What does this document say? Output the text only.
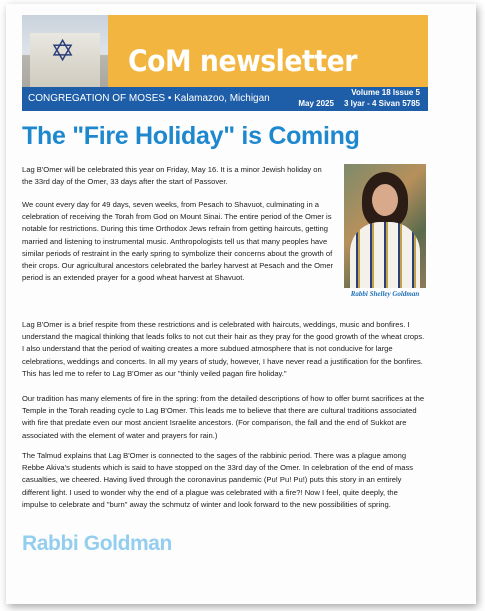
✡ CoM newsletter
CONGREGATION OF MOSES • Kalamazoo, Michigan
Volume 18 Issue 5
May 2025 3 Iyar - 4 Sivan 5785
The "Fire Holiday" is Coming

Lag B'Omer will be celebrated this year on Friday, May 16. It is a minor Jewish holiday on the 33rd day of the Omer, 33 days after the start of Passover.

We count every day for 49 days, seven weeks, from Pesach to Shavuot, culminating in a celebration of receiving the Torah from God on Mount Sinai. The entire period of the Omer is notable for restrictions. During this time Orthodox Jews refrain from getting haircuts, getting married and listening to instrumental music. Anthropologists tell us that many peoples have similar periods of restraint in the early spring to symbolize their concerns about the growth of their crops. Our agricultural ancestors celebrated the barley harvest at Pesach and the Omer period is an extended prayer for a good wheat harvest at Shavuot.

Lag B'Omer is a brief respite from these restrictions and is celebrated with haircuts, weddings, music and bonfires. I understand the magical thinking that leads folks to not cut their hair as they pray for the good growth of the wheat crops. I also understand that the period of waiting creates a more subdued atmosphere that is not conducive for large celebrations, weddings and concerts. In all my years of study, however, I have never read a justification for the bonfires. This has led me to refer to Lag B'Omer as our "thinly veiled pagan fire holiday."

Our tradition has many elements of fire in the spring: from the detailed descriptions of how to offer burnt sacrifices at the Temple in the Torah reading cycle to Lag B'Omer. This leads me to believe that there are cultural traditions associated with fire that predate even our most ancient Israelite ancestors. (For comparison, the fall and the end of Sukkot are associated with the element of water and prayers for rain.)

The Talmud explains that Lag B'Omer is connected to the sages of the rabbinic period. There was a plague among Rebbe Akiva's students which is said to have stopped on the 33rd day of the Omer. In celebration of the end of mass casualties, we cheered. Having lived through the coronavirus pandemic (Pu! Pu! Pu!) puts this story in an entirely different light. I used to wonder why the end of a plague was celebrated with a fire?! Now I feel, quite deeply, the impulse to celebrate and "burn" away the schmutz of winter and look forward to the new possibilities of spring.

Rabbi Shelley Goldman
Rabbi Goldman
